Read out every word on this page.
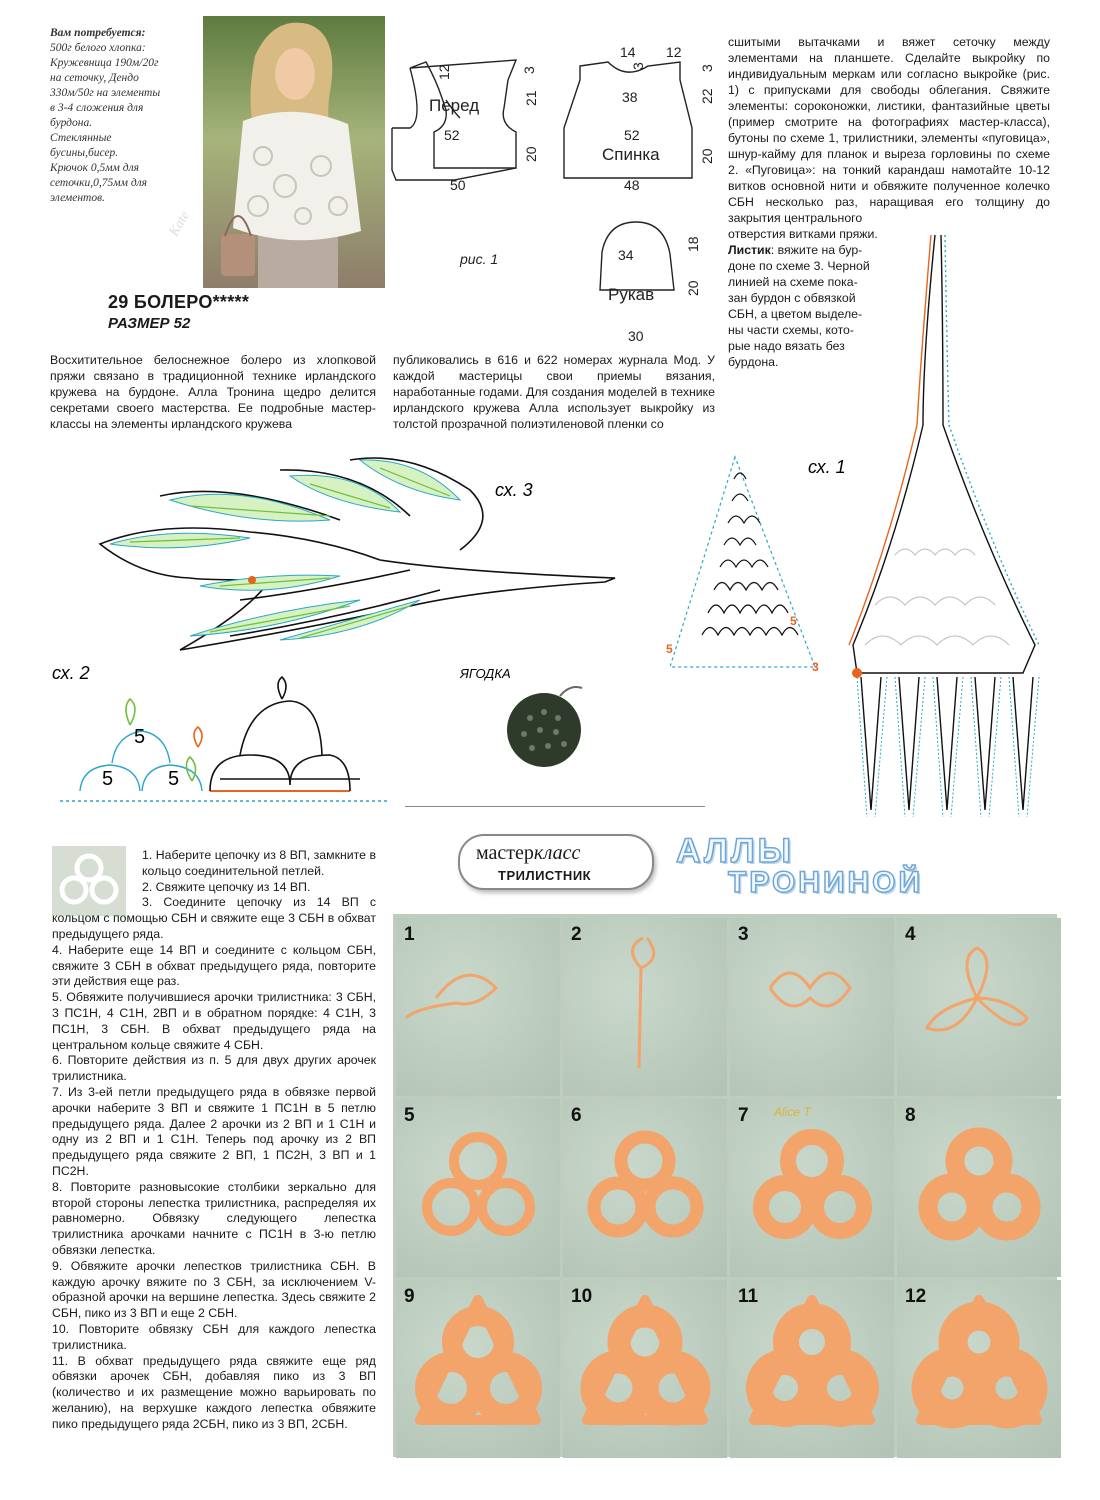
Вам потребуется:
500г белого хлопка:
Кружевница 190м/20г
на сеточку, Дендо
330м/50г на элементы
в 3-4 сложения для
бурдона.
Стеклянные
бусины,бисер.
Крючок 0,5мм для
сеточки,0,75мм для
элементов.
Kate
29 БОЛЕРО*****
РАЗМЕР 52
Перед
12	3
21
52
20
50
Спинка
14 12
3
38	22
3
52
20
48
34
18
Рукав 20
30
рис. 1
сшитыми вытачками и вяжет сеточку между элементами на планшете. Сделайте выкройку по индивидуальным меркам или согласно выкройке (рис. 1) с припусками для свободы облегания. Свяжите элементы: сороконожки, листики, фантазийные цветы (пример смотрите на фотографиях мастер-класса), бутоны по схеме 1, трилистники, элементы «пуговица», шнур-кайму для планок и выреза горловины по схеме 2. «Пуговица»: на тонкий карандаш намотайте 10-12 витков основной нити и обвяжите полученное колечко СБН несколько раз, наращивая его толщину до закрытия центрального
отверстия витками пряжи.
Листик: вяжите на бур-
доне по схеме 3. Черной
линией на схеме пока-
зан бурдон с обвязкой
СБН, а цветом выделе-
ны части схемы, кото-
рые надо вязать без
бурдона.
Восхитительное белоснежное болеро из хлопковой пряжи связано в традиционной технике ирландского кружева на бурдоне. Алла Тронина щедро делится секретами своего мастерства. Ее подробные мастер-классы на элементы ирландского кружева
публиковались в 616 и 622 номерах журнала Мод. У каждой мастерицы свои приемы вязания, наработанные годами. Для создания моделей в технике ирландского кружева Алла использует выкройку из толстой прозрачной полиэтиленовой пленки со
сх. 3
сх. 1
5
5
3
сх. 2
5
5
5
ЯГОДКА
мастеркласс
ТРИЛИСТНИК
АЛЛЫ
ТРОНИНОЙ

1. Наберите цепочку из 8 ВП, замкните в кольцо соединительной петлей.

2. Свяжите цепочку из 14 ВП.

3. Соедините цепочку из 14 ВП с кольцом с помощью СБН и свяжите еще 3 СБН в обхват предыдущего ряда.

4. Наберите еще 14 ВП и соедините с кольцом СБН, свяжите 3 СБН в обхват предыдущего ряда, повторите эти действия еще раз.

5. Обвяжите получившиеся арочки трилистника: 3 СБН, 3 ПС1Н, 4 С1Н, 2ВП и в обратном порядке: 4 С1Н, 3 ПС1Н, 3 СБН. В обхват предыдущего ряда на центральном кольце свяжите 4 СБН.

6. Повторите действия из п. 5 для двух других арочек трилистника.

7. Из 3-ей петли предыдущего ряда в обвязке первой арочки наберите 3 ВП и свяжите 1 ПС1Н в 5 петлю предыдущего ряда. Далее 2 арочки из 2 ВП и 1 С1Н и одну из 2 ВП и 1 С1Н. Теперь под арочку из 2 ВП предыдущего ряда свяжите 2 ВП, 1 ПС2Н, 3 ВП и 1 ПС2Н.

8. Повторите разновысокие столбики зеркально для второй стороны лепестка трилистника, распределяя их равномерно. Обвязку следующего лепестка трилистника арочками начните с ПС1Н в 3-ю петлю обвязки лепестка.

9. Обвяжите арочки лепестков трилистника СБН. В каждую арочку вяжите по 3 СБН, за исключением V-образной арочки на вершине лепестка. Здесь свяжите 2 СБН, пико из 3 ВП и еще 2 СБН.

10. Повторите обвязку СБН для каждого лепестка трилистника.

11. В обхват предыдущего ряда свяжите еще ряд обвязки арочек СБН, добавляя пико из 3 ВП (количество и их размещение можно варьировать по желанию), на верхушке каждого лепестка обвяжите пико предыдущего ряда 2СБН, пико из 3 ВП, 2СБН.

1	2	3	4
5	6	7 Alice T	8
9	10	11	12
